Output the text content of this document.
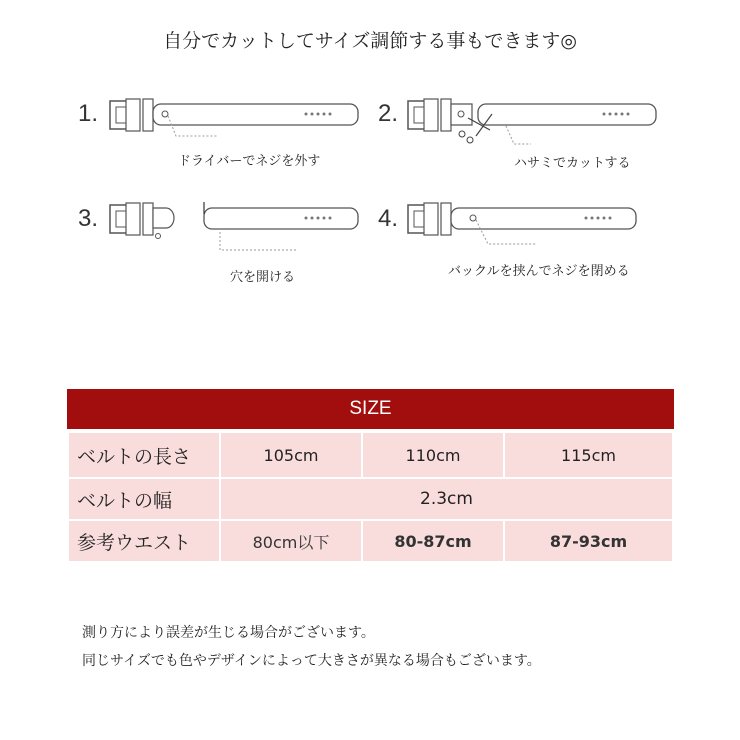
自分でカットしてサイズ調節する事もできます◎
1.
ドライバーでネジを外す
2.
ハサミでカットする
3.
穴を開ける
4.
バックルを挟んでネジを閉める
SIZE
ベルトの長さ	105cm	110cm	115cm
ベルトの幅	2.3cm		
参考ウエスト	80cm以下	80-87cm	87-93cm
測り方により誤差が生じる場合がございます。
同じサイズでも色やデザインによって大きさが異なる場合もございます。
